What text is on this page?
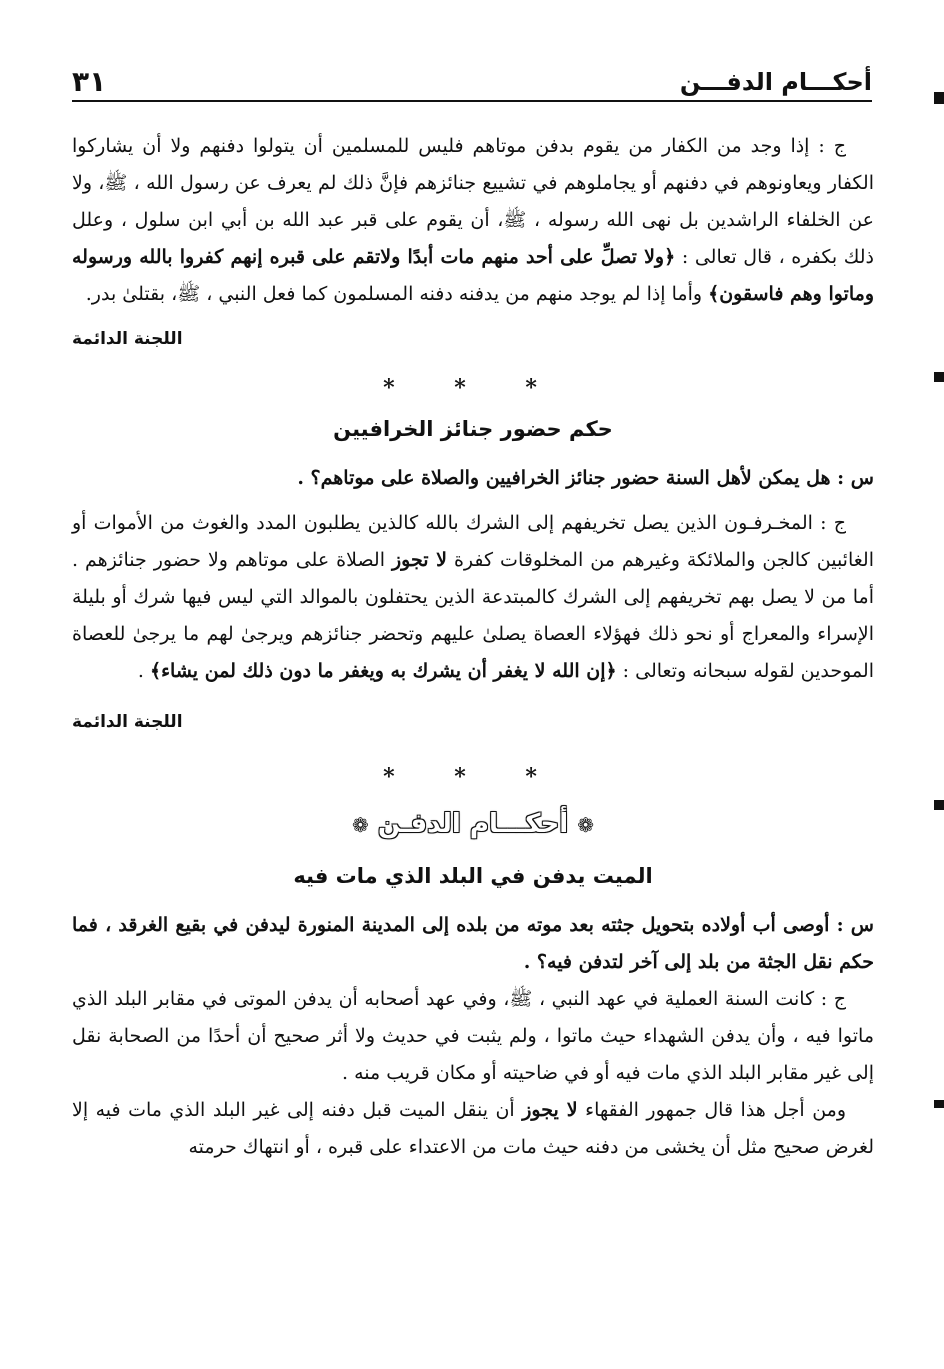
أحكـــام الدفـــن
٣١

ج : إذا وجد من الكفار من يقوم بدفن موتاهم فليس للمسلمين أن يتولوا دفنهم ولا أن يشاركوا الكفار ويعاونوهم في دفنهم أو يجاملوهم في تشييع جنائزهم فإنَّ ذلك لم يعرف عن رسول الله ، ﷺ، ولا عن الخلفاء الراشدين بل نهى الله رسوله ، ﷺ، أن يقوم على قبر عبد الله بن أبي ابن سلول ، وعلل ذلك بكفره ، قال تعالى : ﴿ولا تصلِّ على أحد منهم مات أبدًا ولاتقم على قبره إنهم كفروا بالله ورسوله وماتوا وهم فاسقون﴾ وأما إذا لم يوجد منهم من يدفنه دفنه المسلمون كما فعل النبي ، ﷺ، بقتلىٰ بدر.

اللجنة الدائمة

* * *

حكم حضور جنائز الخرافيين

س : هل يمكن لأهل السنة حضور جنائز الخرافيين والصلاة على موتاهم؟ .

ج : المخـرفـون الذين يصل تخريفهم إلى الشرك بالله كالذين يطلبون المدد والغوث من الأموات أو الغائبين كالجن والملائكة وغيرهم من المخلوقات كفرة لا تجوز الصلاة على موتاهم ولا حضور جنائزهم . أما من لا يصل بهم تخريفهم إلى الشرك كالمبتدعة الذين يحتفلون بالموالد التي ليس فيها شرك أو بليلة الإسراء والمعراج أو نحو ذلك فهؤلاء العصاة يصلىٰ عليهم وتحضر جنائزهم ويرجىٰ لهم ما يرجىٰ للعصاة الموحدين لقوله سبحانه وتعالى : ﴿إن الله لا يغفر أن يشرك به ويغفر ما دون ذلك لمن يشاء﴾ .

اللجنة الدائمة

* * *

❁ أحكـــام الدفـن ❁

الميت يدفن في البلد الذي مات فيه

س : أوصى أب أولاده بتحويل جثته بعد موته من بلده إلى المدينة المنورة ليدفن في بقيع الغرقد ، فما حكم نقل الجثة من بلد إلى آخر لتدفن فيه؟ .

ج : كانت السنة العملية في عهد النبي ، ﷺ، وفي عهد أصحابه أن يدفن الموتى في مقابر البلد الذي ماتوا فيه ، وأن يدفن الشهداء حيث ماتوا ، ولم يثبت في حديث ولا أثر صحيح أن أحدًا من الصحابة نقل إلى غير مقابر البلد الذي مات فيه أو في ضاحيته أو مكان قريب منه .

ومن أجل هذا قال جمهور الفقهاء لا يجوز أن ينقل الميت قبل دفنه إلى غير البلد الذي مات فيه إلا لغرض صحيح مثل أن يخشى من دفنه حيث مات من الاعتداء على قبره ، أو انتهاك حرمته
